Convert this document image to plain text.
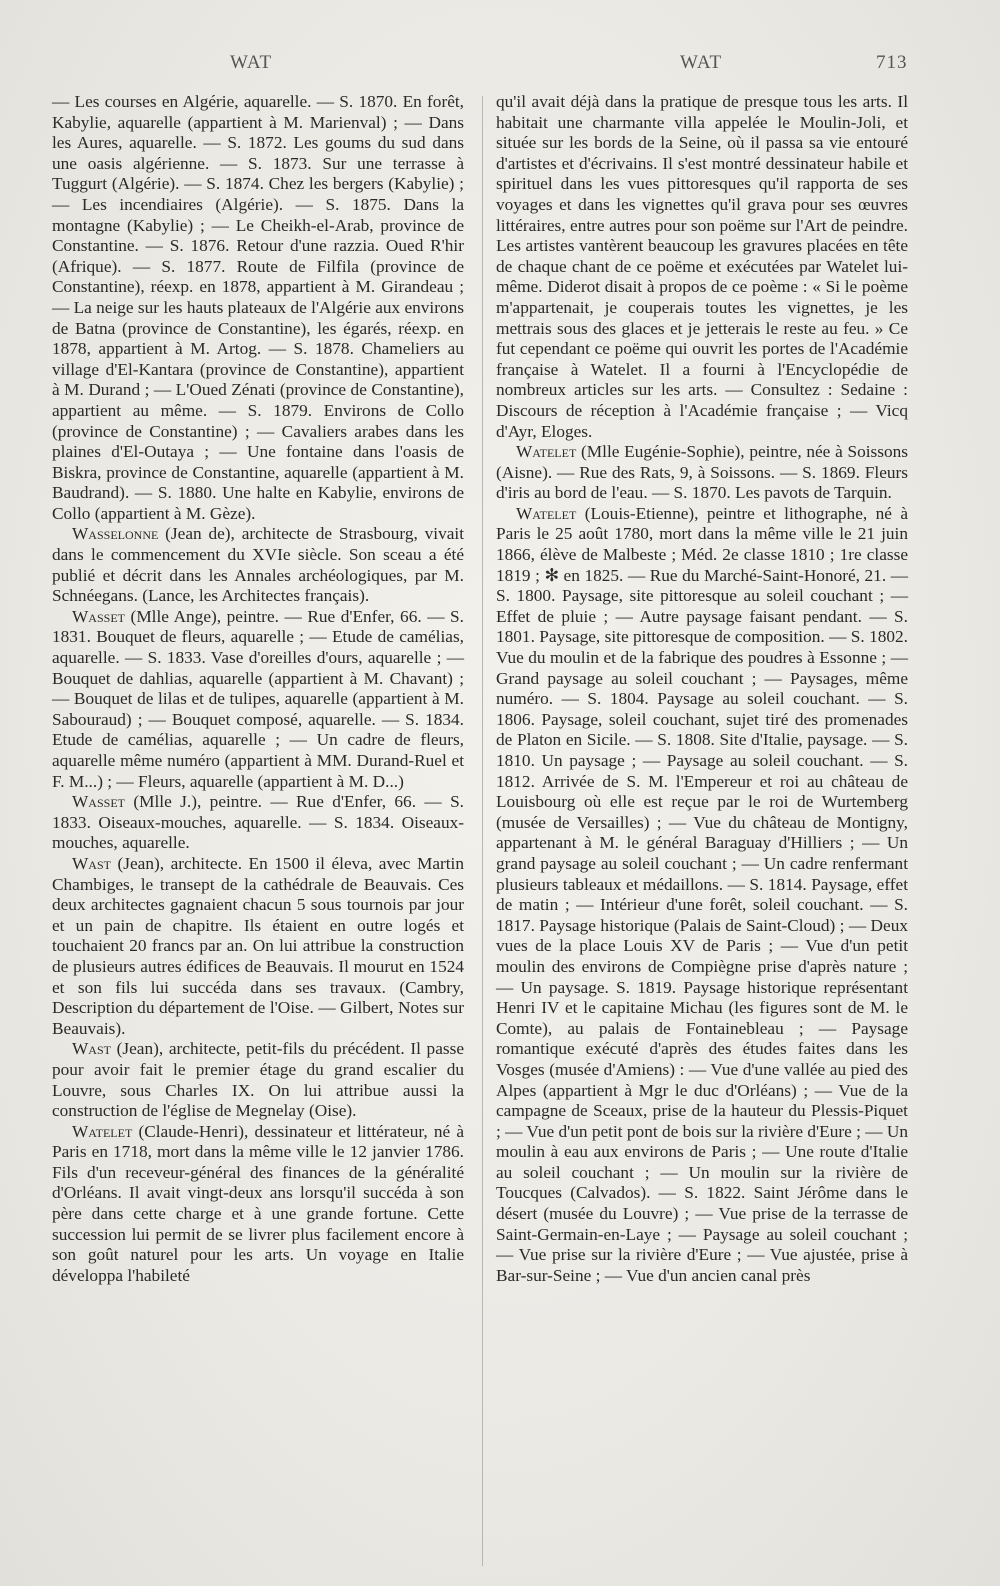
WAT	WAT	713

— Les courses en Algérie, aquarelle. — S. 1870. En forêt, Kabylie, aquarelle (appartient à M. Marienval) ; — Dans les Aures, aquarelle. — S. 1872. Les goums du sud dans une oasis algérienne. — S. 1873. Sur une terrasse à Tuggurt (Algérie). — S. 1874. Chez les bergers (Kabylie) ; — Les incendiaires (Algérie). — S. 1875. Dans la montagne (Kabylie) ; — Le Cheikh-el-Arab, province de Constantine. — S. 1876. Retour d'une razzia. Oued R'hir (Afrique). — S. 1877. Route de Filfila (province de Constantine), réexp. en 1878, appartient à M. Girandeau ; — La neige sur les hauts plateaux de l'Algérie aux environs de Batna (province de Constantine), les égarés, réexp. en 1878, appartient à M. Artog. — S. 1878. Chameliers au village d'El-Kantara (province de Constantine), appartient à M. Durand ; — L'Oued Zénati (province de Constantine), appartient au même. — S. 1879. Environs de Collo (province de Constantine) ; — Cavaliers arabes dans les plaines d'El-Outaya ; — Une fontaine dans l'oasis de Biskra, province de Constantine, aquarelle (appartient à M. Baudrand). — S. 1880. Une halte en Kabylie, environs de Collo (appartient à M. Gèze).

Wasselonne (Jean de), architecte de Strasbourg, vivait dans le commencement du XVIe siècle. Son sceau a été publié et décrit dans les Annales archéologiques, par M. Schnéegans. (Lance, les Architectes français).

Wasset (Mlle Ange), peintre. — Rue d'Enfer, 66. — S. 1831. Bouquet de fleurs, aquarelle ; — Etude de camélias, aquarelle. — S. 1833. Vase d'oreilles d'ours, aquarelle ; — Bouquet de dahlias, aquarelle (appartient à M. Chavant) ; — Bouquet de lilas et de tulipes, aquarelle (appartient à M. Sabouraud) ; — Bouquet composé, aquarelle. — S. 1834. Etude de camélias, aquarelle ; — Un cadre de fleurs, aquarelle même numéro (appartient à MM. Durand-Ruel et F. M...) ; — Fleurs, aquarelle (appartient à M. D...)

Wasset (Mlle J.), peintre. — Rue d'Enfer, 66. — S. 1833. Oiseaux-mouches, aquarelle. — S. 1834. Oiseaux-mouches, aquarelle.

Wast (Jean), architecte. En 1500 il éleva, avec Martin Chambiges, le transept de la cathédrale de Beauvais. Ces deux architectes gagnaient chacun 5 sous tournois par jour et un pain de chapitre. Ils étaient en outre logés et touchaient 20 francs par an. On lui attribue la construction de plusieurs autres édifices de Beauvais. Il mourut en 1524 et son fils lui succéda dans ses travaux. (Cambry, Description du département de l'Oise. — Gilbert, Notes sur Beauvais).

Wast (Jean), architecte, petit-fils du précédent. Il passe pour avoir fait le premier étage du grand escalier du Louvre, sous Charles IX. On lui attribue aussi la construction de l'église de Megnelay (Oise).

Watelet (Claude-Henri), dessinateur et littérateur, né à Paris en 1718, mort dans la même ville le 12 janvier 1786. Fils d'un receveur-général des finances de la généralité d'Orléans. Il avait vingt-deux ans lorsqu'il succéda à son père dans cette charge et à une grande fortune. Cette succession lui permit de se livrer plus facilement encore à son goût naturel pour les arts. Un voyage en Italie développa l'habileté

qu'il avait déjà dans la pratique de presque tous les arts. Il habitait une charmante villa appelée le Moulin-Joli, et située sur les bords de la Seine, où il passa sa vie entouré d'artistes et d'écrivains. Il s'est montré dessinateur habile et spirituel dans les vues pittoresques qu'il rapporta de ses voyages et dans les vignettes qu'il grava pour ses œuvres littéraires, entre autres pour son poëme sur l'Art de peindre. Les artistes vantèrent beaucoup les gravures placées en tête de chaque chant de ce poëme et exécutées par Watelet lui-même. Diderot disait à propos de ce poème : « Si le poème m'appartenait, je couperais toutes les vignettes, je les mettrais sous des glaces et je jetterais le reste au feu. » Ce fut cependant ce poëme qui ouvrit les portes de l'Académie française à Watelet. Il a fourni à l'Encyclopédie de nombreux articles sur les arts. — Consultez : Sedaine : Discours de réception à l'Académie française ; — Vicq d'Ayr, Eloges.

Watelet (Mlle Eugénie-Sophie), peintre, née à Soissons (Aisne). — Rue des Rats, 9, à Soissons. — S. 1869. Fleurs d'iris au bord de l'eau. — S. 1870. Les pavots de Tarquin.

Watelet (Louis-Etienne), peintre et lithographe, né à Paris le 25 août 1780, mort dans la même ville le 21 juin 1866, élève de Malbeste ; Méd. 2e classe 1810 ; 1re classe 1819 ; ✻ en 1825. — Rue du Marché-Saint-Honoré, 21. — S. 1800. Paysage, site pittoresque au soleil couchant ; — Effet de pluie ; — Autre paysage faisant pendant. — S. 1801. Paysage, site pittoresque de composition. — S. 1802. Vue du moulin et de la fabrique des poudres à Essonne ; — Grand paysage au soleil couchant ; — Paysages, même numéro. — S. 1804. Paysage au soleil couchant. — S. 1806. Paysage, soleil couchant, sujet tiré des promenades de Platon en Sicile. — S. 1808. Site d'Italie, paysage. — S. 1810. Un paysage ; — Paysage au soleil couchant. — S. 1812. Arrivée de S. M. l'Empereur et roi au château de Louisbourg où elle est reçue par le roi de Wurtemberg (musée de Versailles) ; — Vue du château de Montigny, appartenant à M. le général Baraguay d'Hilliers ; — Un grand paysage au soleil couchant ; — Un cadre renfermant plusieurs tableaux et médaillons. — S. 1814. Paysage, effet de matin ; — Intérieur d'une forêt, soleil couchant. — S. 1817. Paysage historique (Palais de Saint-Cloud) ; — Deux vues de la place Louis XV de Paris ; — Vue d'un petit moulin des environs de Compiègne prise d'après nature ; — Un paysage. S. 1819. Paysage historique représentant Henri IV et le capitaine Michau (les figures sont de M. le Comte), au palais de Fontainebleau ; — Paysage romantique exécuté d'après des études faites dans les Vosges (musée d'Amiens) : — Vue d'une vallée au pied des Alpes (appartient à Mgr le duc d'Orléans) ; — Vue de la campagne de Sceaux, prise de la hauteur du Plessis-Piquet ; — Vue d'un petit pont de bois sur la rivière d'Eure ; — Un moulin à eau aux environs de Paris ; — Une route d'Italie au soleil couchant ; — Un moulin sur la rivière de Toucques (Calvados). — S. 1822. Saint Jérôme dans le désert (musée du Louvre) ; — Vue prise de la terrasse de Saint-Germain-en-Laye ; — Paysage au soleil couchant ; — Vue prise sur la rivière d'Eure ; — Vue ajustée, prise à Bar-sur-Seine ; — Vue d'un ancien canal près
